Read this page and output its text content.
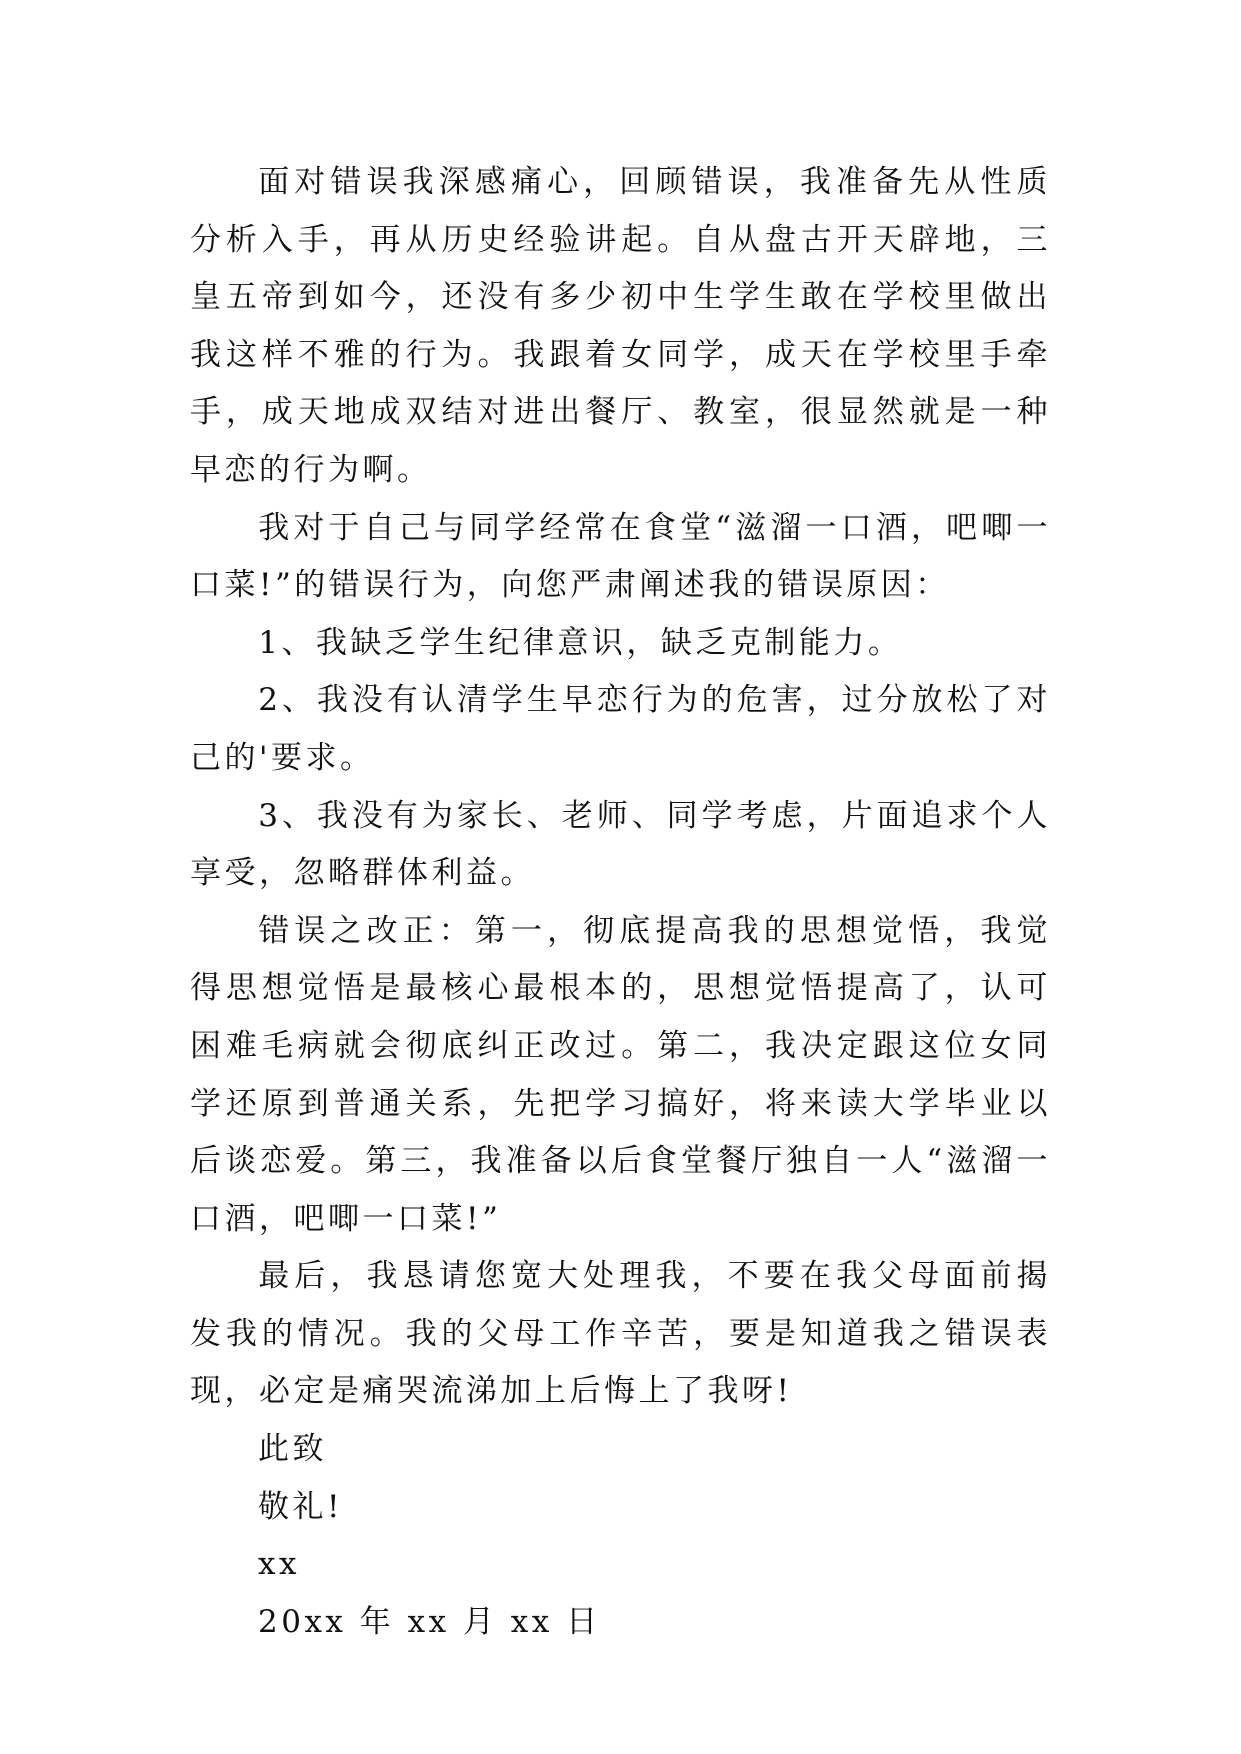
面对错误我深感痛心，回顾错误，我准备先从性质分析入手，再从历史经验讲起。自从盘古开天辟地，三皇五帝到如今，还没有多少初中生学生敢在学校里做出我这样不雅的行为。我跟着女同学，成天在学校里手牵手，成天地成双结对进出餐厅、教室，很显然就是一种早恋的行为啊。

我对于自己与同学经常在食堂“滋溜一口酒，吧唧一口菜!”的错误行为，向您严肃阐述我的错误原因：

1、我缺乏学生纪律意识，缺乏克制能力。

2、我没有认清学生早恋行为的危害，过分放松了对己的'要求。

3、我没有为家长、老师、同学考虑，片面追求个人享受，忽略群体利益。

错误之改正：第一，彻底提高我的思想觉悟，我觉得思想觉悟是最核心最根本的，思想觉悟提高了，认可困难毛病就会彻底纠正改过。第二，我决定跟这位女同学还原到普通关系，先把学习搞好，将来读大学毕业以后谈恋爱。第三，我准备以后食堂餐厅独自一人“滋溜一口酒，吧唧一口菜!”

最后，我恳请您宽大处理我，不要在我父母面前揭发我的情况。我的父母工作辛苦，要是知道我之错误表现，必定是痛哭流涕加上后悔上了我呀!

此致
敬礼!
xx
20xx 年 xx 月 xx 日
